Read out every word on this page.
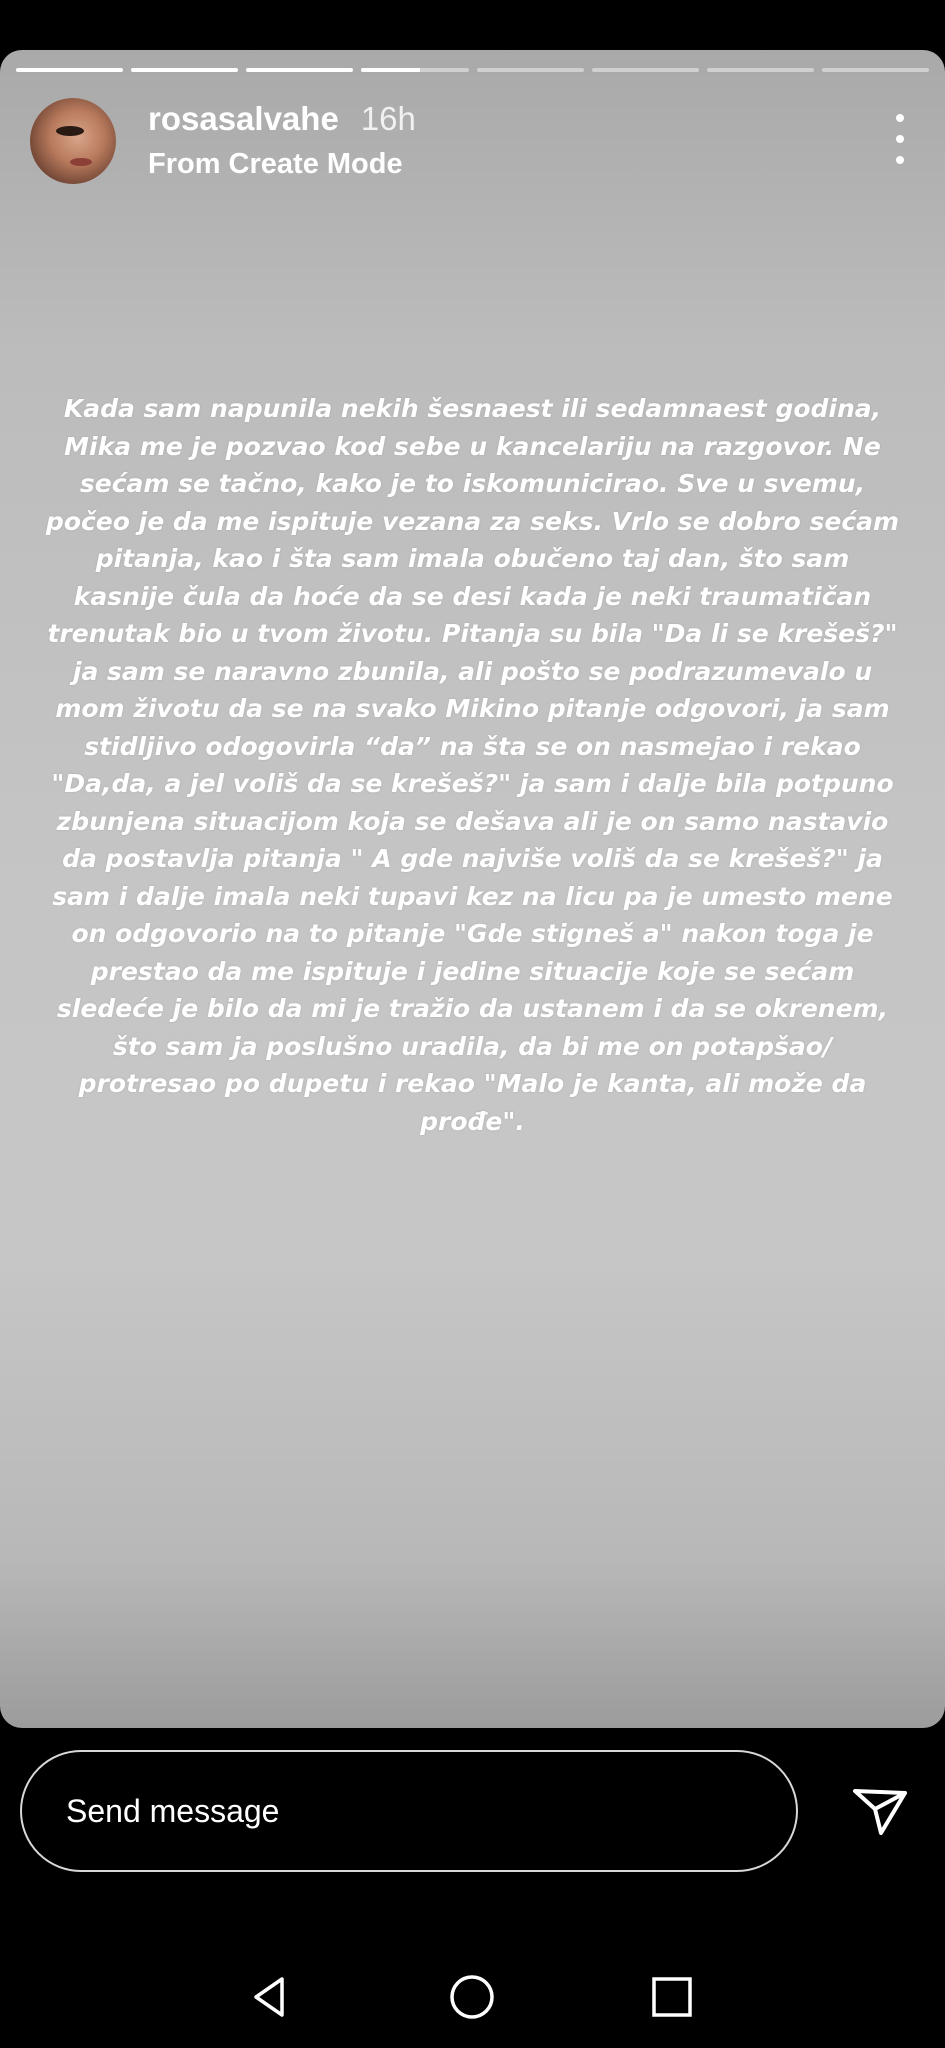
rosasalvahe 16h
From Create Mode
Kada sam napunila nekih šesnaest ili sedamnaest godina,
Mika me je pozvao kod sebe u kancelariju na razgovor. Ne
sećam se tačno, kako je to iskomunicirao. Sve u svemu,
počeo je da me ispituje vezana za seks. Vrlo se dobro sećam
pitanja, kao i šta sam imala obučeno taj dan, što sam
kasnije čula da hoće da se desi kada je neki traumatičan
trenutak bio u tvom životu. Pitanja su bila "Da li se krešeš?"
ja sam se naravno zbunila, ali pošto se podrazumevalo u
mom životu da se na svako Mikino pitanje odgovori, ja sam
stidljivo odogovirla “da” na šta se on nasmejao i rekao
"Da,da, a jel voliš da se krešeš?" ja sam i dalje bila potpuno
zbunjena situacijom koja se dešava ali je on samo nastavio
da postavlja pitanja " A gde najviše voliš da se krešeš?" ja
sam i dalje imala neki tupavi kez na licu pa je umesto mene
on odgovorio na to pitanje "Gde stigneš a" nakon toga je
prestao da me ispituje i jedine situacije koje se sećam
sledeće je bilo da mi je tražio da ustanem i da se okrenem,
što sam ja poslušno uradila, da bi me on potapšao/
protresao po dupetu i rekao "Malo je kanta, ali može da
prođe".
Send message
